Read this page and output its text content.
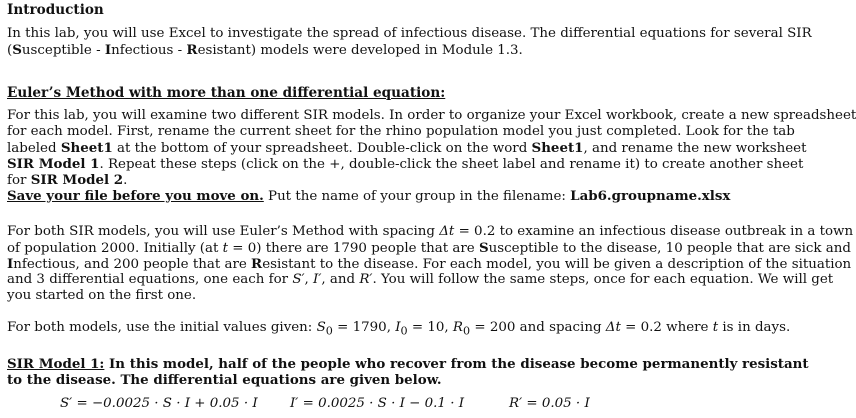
Introduction
In this lab, you will use Excel to investigate the spread of infectious disease. The differential equations for several SIR
(Susceptible - Infectious - Resistant) models were developed in Module 1.3.
Euler’s Method with more than one differential equation:
For this lab, you will examine two different SIR models. In order to organize your Excel workbook, create a new spreadsheet
for each model. First, rename the current sheet for the rhino population model you just completed. Look for the tab
labeled Sheet1 at the bottom of your spreadsheet. Double-click on the word Sheet1, and rename the new worksheet
SIR Model 1. Repeat these steps (click on the +, double-click the sheet label and rename it) to create another sheet
for SIR Model 2.
Save your file before you move on. Put the name of your group in the filename: Lab6.groupname.xlsx
For both SIR models, you will use Euler’s Method with spacing Δt = 0.2 to examine an infectious disease outbreak in a town
of population 2000. Initially (at t = 0) there are 1790 people that are Susceptible to the disease, 10 people that are sick and
Infectious, and 200 people that are Resistant to the disease. For each model, you will be given a description of the situation
and 3 differential equations, one each for S′, I′, and R′. You will follow the same steps, once for each equation. We will get
you started on the first one.
For both models, use the initial values given: $S_0 = 1790$, $I_0 = 10$, $R_0 = 200$ and spacing Δt = 0.2 where t is in days.
SIR Model 1: In this model, half of the people who recover from the disease become permanently resistant
to the disease. The differential equations are given below.
S′ = −0.0025 · S · I + 0.05 · I I′ = 0.0025 · S · I − 0.1 · I	R′ = 0.05 · I
